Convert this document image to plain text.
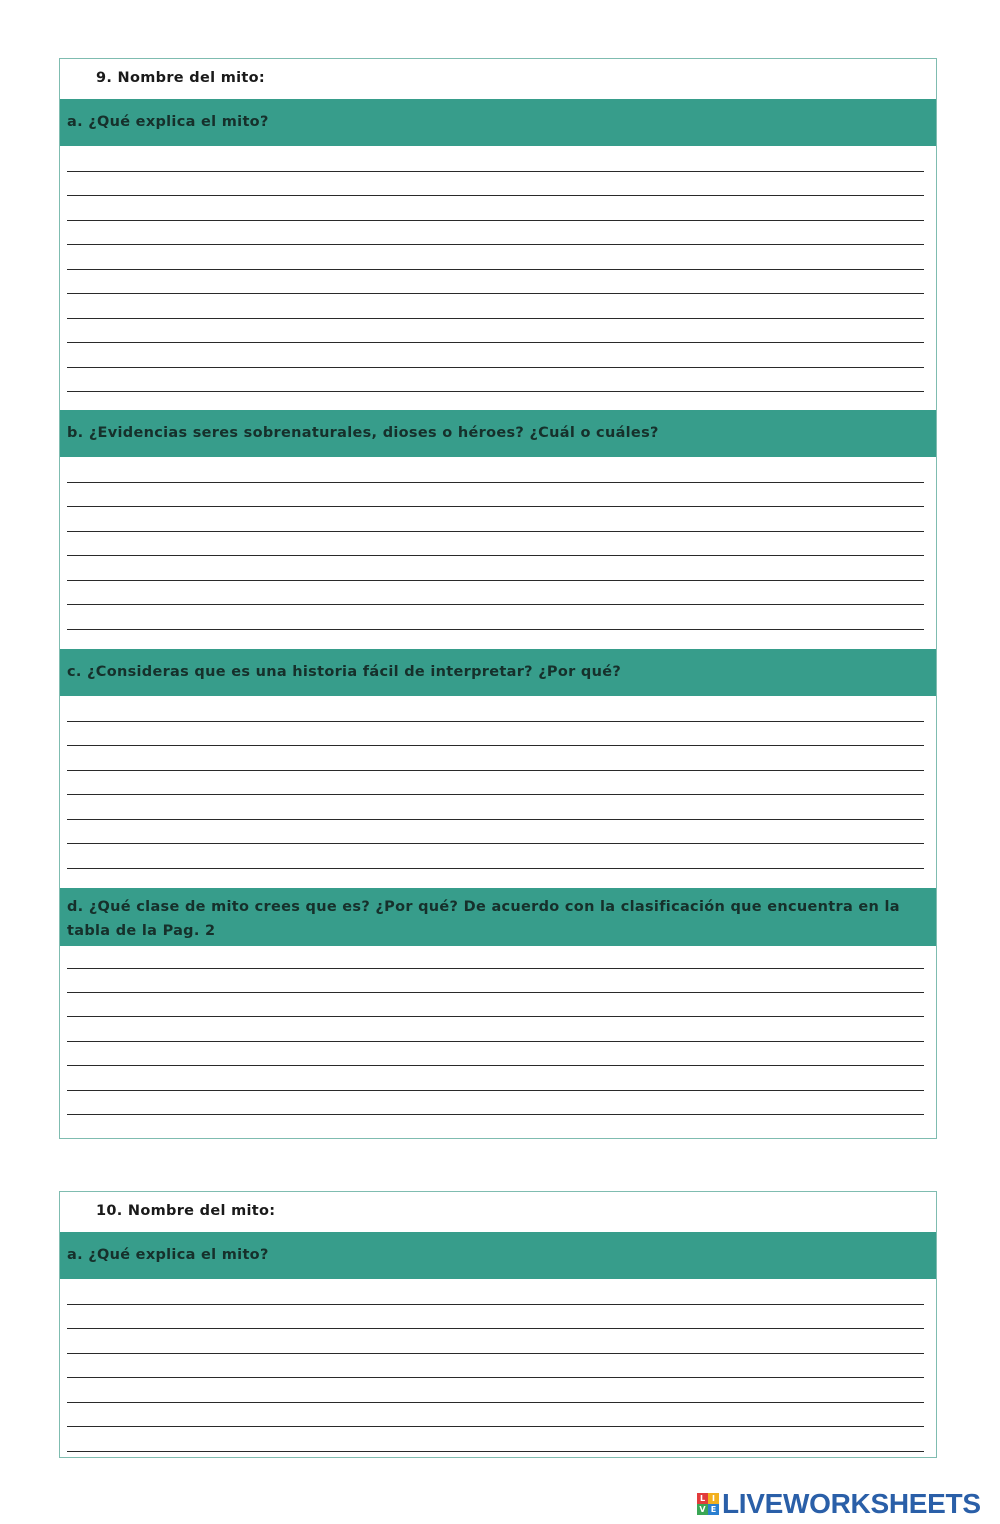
9. Nombre del mito:
a. ¿Qué explica el mito?
b. ¿Evidencias seres sobrenaturales, dioses o héroes? ¿Cuál o cuáles?
c. ¿Consideras que es una historia fácil de interpretar? ¿Por qué?
d. ¿Qué clase de mito crees que es? ¿Por qué? De acuerdo con la clasificación que encuentra en la tabla de la Pag. 2
10. Nombre del mito:
a. ¿Qué explica el mito?
L I
V E LIVEWORKSHEETS
